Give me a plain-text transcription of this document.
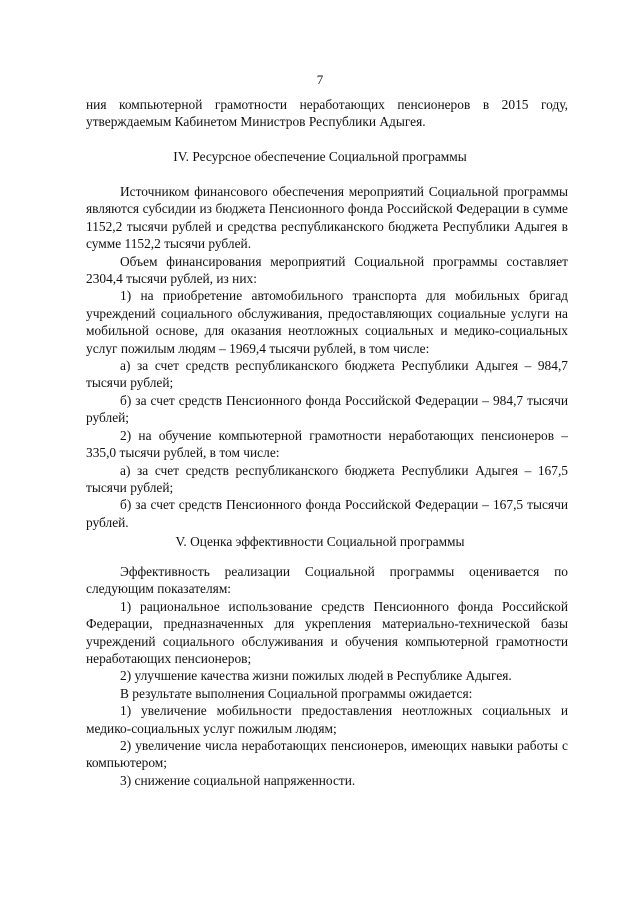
7

ния компьютерной грамотности неработающих пенсионеров в 2015 году, утверждаемым Кабинетом Министров Республики Адыгея.

IV. Ресурсное обеспечение Социальной программы

Источником финансового обеспечения мероприятий Социальной программы являются субсидии из бюджета Пенсионного фонда Российской Федерации в сумме 1152,2 тысячи рублей и средства республиканского бюджета Республики Адыгея в сумме 1152,2 тысячи рублей.

Объем финансирования мероприятий Социальной программы составляет 2304,4 тысячи рублей, из них:

1) на приобретение автомобильного транспорта для мобильных бригад учреждений социального обслуживания, предоставляющих социальные услуги на мобильной основе, для оказания неотложных социальных и медико-социальных услуг пожилым людям – 1969,4 тысячи рублей, в том числе:

а) за счет средств республиканского бюджета Республики Адыгея – 984,7 тысячи рублей;

б) за счет средств Пенсионного фонда Российской Федерации – 984,7 тысячи рублей;

2) на обучение компьютерной грамотности неработающих пенсионеров – 335,0 тысячи рублей, в том числе:

а) за счет средств республиканского бюджета Республики Адыгея – 167,5 тысячи рублей;

б) за счет средств Пенсионного фонда Российской Федерации – 167,5 тысячи рублей.

V. Оценка эффективности Социальной программы

Эффективность реализации Социальной программы оценивается по следующим показателям:

1) рациональное использование средств Пенсионного фонда Российской Федерации, предназначенных для укрепления материально-технической базы учреждений социального обслуживания и обучения компьютерной грамотности неработающих пенсионеров;

2) улучшение качества жизни пожилых людей в Республике Адыгея.

В результате выполнения Социальной программы ожидается:

1) увеличение мобильности предоставления неотложных социальных и медико-социальных услуг пожилым людям;

2) увеличение числа неработающих пенсионеров, имеющих навыки работы с компьютером;

3) снижение социальной напряженности.
